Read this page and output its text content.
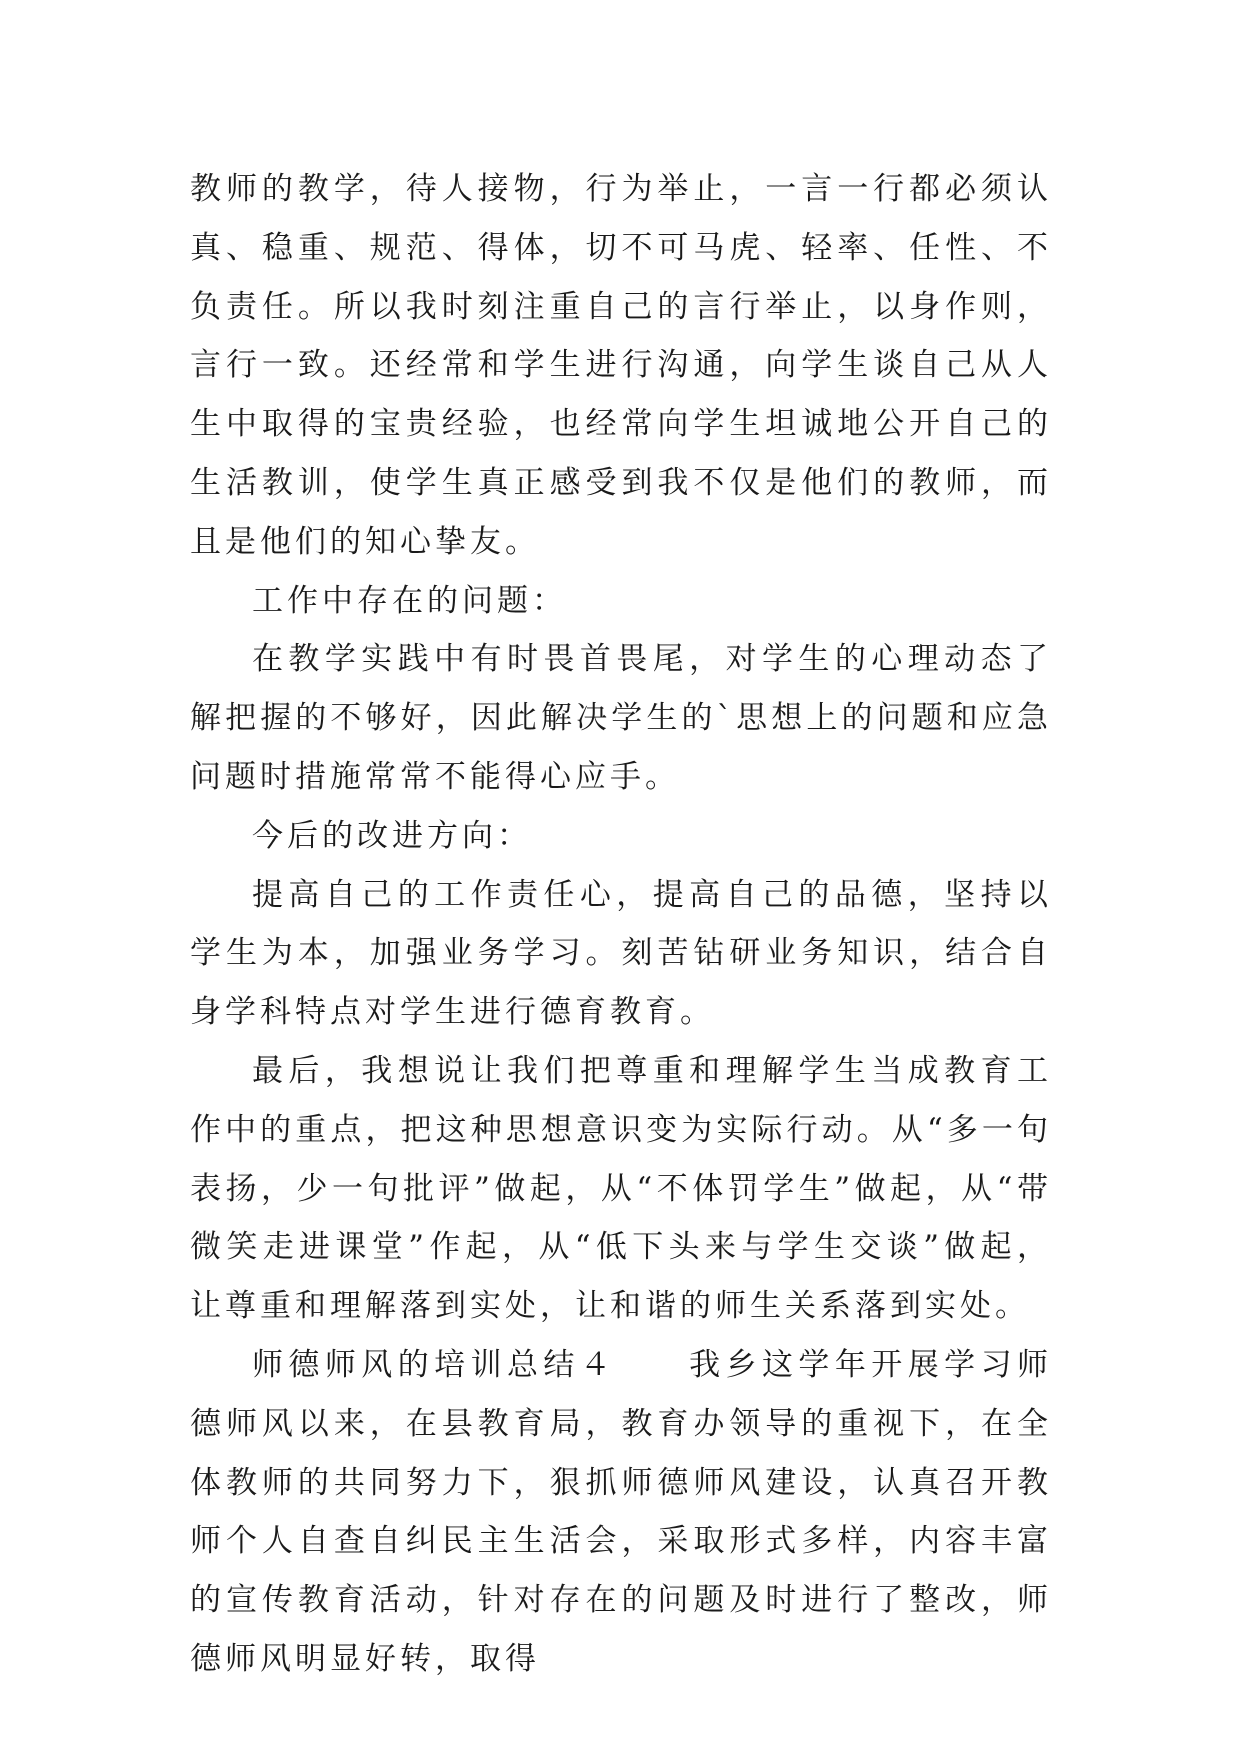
教师的教学，待人接物，行为举止，一言一行都必须认真、稳重、规范、得体，切不可马虎、轻率、任性、不负责任。所以我时刻注重自己的言行举止，以身作则，言行一致。还经常和学生进行沟通，向学生谈自己从人生中取得的宝贵经验，也经常向学生坦诚地公开自己的生活教训，使学生真正感受到我不仅是他们的教师，而且是他们的知心挚友。

工作中存在的问题：

在教学实践中有时畏首畏尾，对学生的心理动态了解把握的不够好，因此解决学生的`思想上的问题和应急问题时措施常常不能得心应手。

今后的改进方向：

提高自己的工作责任心，提高自己的品德，坚持以学生为本，加强业务学习。刻苦钻研业务知识，结合自身学科特点对学生进行德育教育。

最后，我想说让我们把尊重和理解学生当成教育工作中的重点，把这种思想意识变为实际行动。从“多一句表扬，少一句批评”做起，从“不体罚学生”做起，从“带微笑走进课堂”作起，从“低下头来与学生交谈”做起，让尊重和理解落到实处，让和谐的师生关系落到实处。

师德师风的培训总结４　　我乡这学年开展学习师德师风以来，在县教育局，教育办领导的重视下，在全体教师的共同努力下，狠抓师德师风建设，认真召开教师个人自查自纠民主生活会，采取形式多样，内容丰富的宣传教育活动，针对存在的问题及时进行了整改，师德师风明显好转，取得
